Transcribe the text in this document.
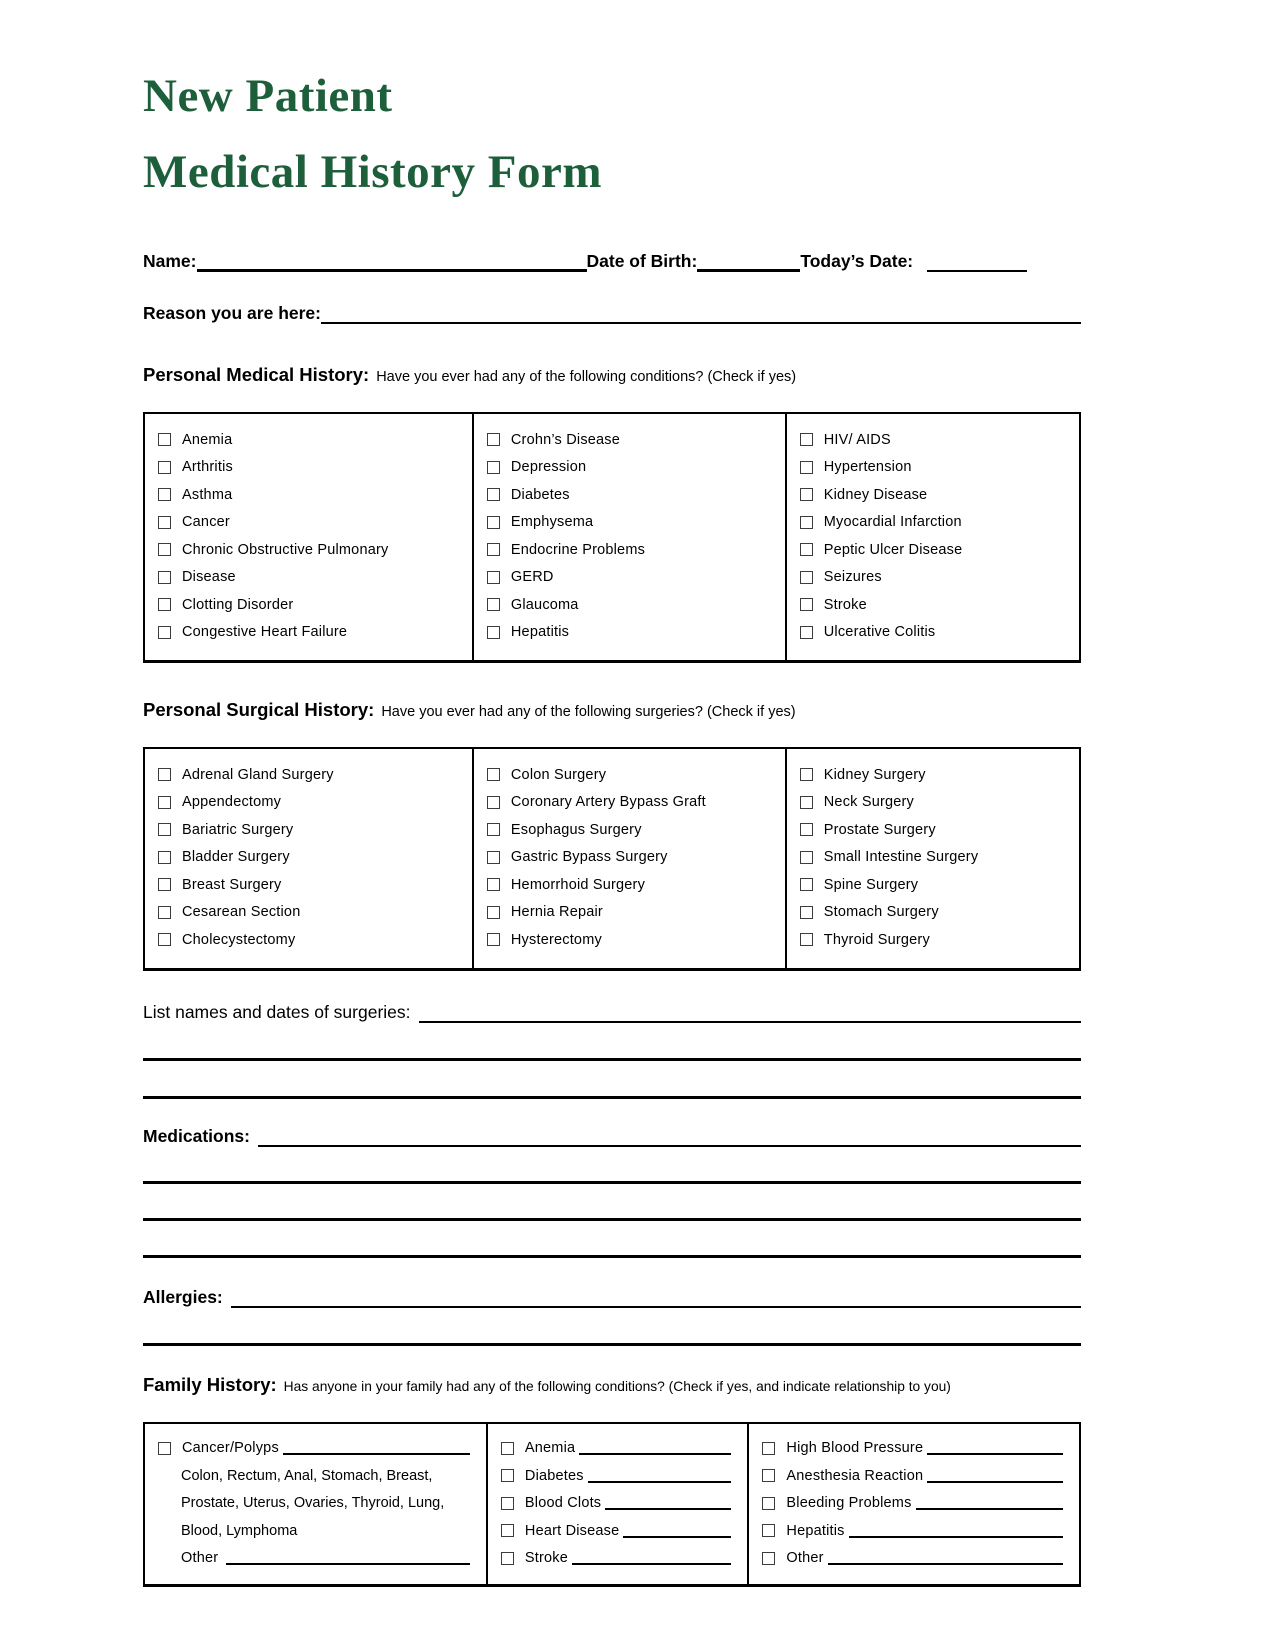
New Patient
Medical History Form
Name:	Date of Birth:	Today’s Date:
Reason you are here:
Personal Medical History: Have you ever had any of the following conditions? (Check if yes)
Anemia
Arthritis
Asthma
Cancer
Chronic Obstructive Pulmonary
Disease
Clotting Disorder
Congestive Heart Failure
Crohn’s Disease
Depression
Diabetes
Emphysema
Endocrine Problems
GERD
Glaucoma
Hepatitis
HIV/ AIDS
Hypertension
Kidney Disease
Myocardial Infarction
Peptic Ulcer Disease
Seizures
Stroke
Ulcerative Colitis
Personal Surgical History: Have you ever had any of the following surgeries? (Check if yes)
Adrenal Gland Surgery
Appendectomy
Bariatric Surgery
Bladder Surgery
Breast Surgery
Cesarean Section
Cholecystectomy
Colon Surgery
Coronary Artery Bypass Graft
Esophagus Surgery
Gastric Bypass Surgery
Hemorrhoid Surgery
Hernia Repair
Hysterectomy
Kidney Surgery
Neck Surgery
Prostate Surgery
Small Intestine Surgery
Spine Surgery
Stomach Surgery
Thyroid Surgery
List names and dates of surgeries:
Medications:
Allergies:
Family History: Has anyone in your family had any of the following conditions? (Check if yes, and indicate relationship to you)
Cancer/Polyps
Colon, Rectum, Anal, Stomach, Breast,
Prostate, Uterus, Ovaries, Thyroid, Lung,
Blood, Lymphoma
Other
Anemia
Diabetes
Blood Clots
Heart Disease
Stroke
High Blood Pressure
Anesthesia Reaction
Bleeding Problems
Hepatitis
Other
